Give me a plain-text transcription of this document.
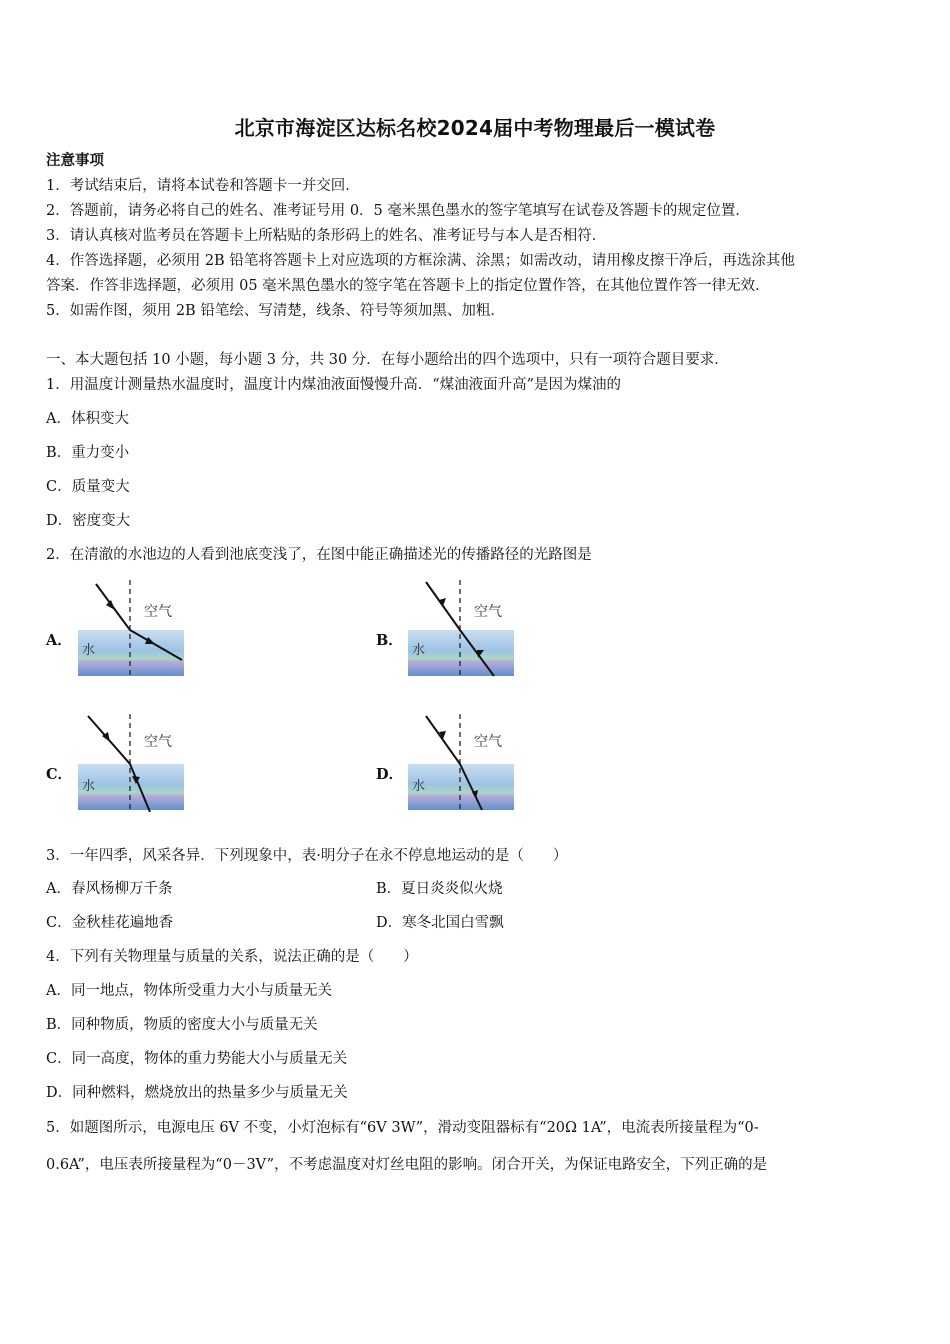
北京市海淀区达标名校2024届中考物理最后一模试卷
注意事项
1．考试结束后，请将本试卷和答题卡一并交回．
2．答题前，请务必将自己的姓名、准考证号用 0．5 毫米黑色墨水的签字笔填写在试卷及答题卡的规定位置．
3．请认真核对监考员在答题卡上所粘贴的条形码上的姓名、准考证号与本人是否相符．
4．作答选择题，必须用 2B 铅笔将答题卡上对应选项的方框涂满、涂黑；如需改动，请用橡皮擦干净后，再选涂其他
答案．作答非选择题，必须用 05 毫米黑色墨水的签字笔在答题卡上的指定位置作答，在其他位置作答一律无效．
5．如需作图，须用 2B 铅笔绘、写清楚，线条、符号等须加黑、加粗．
一、本大题包括 10 小题，每小题 3 分，共 30 分．在每小题给出的四个选项中，只有一项符合题目要求．
1．用温度计测量热水温度时，温度计内煤油液面慢慢升高．“煤油液面升高”是因为煤油的
A．体积变大
B．重力变小
C．质量变大
D．密度变大
2．在清澈的水池边的人看到池底变浅了，在图中能正确描述光的传播路径的光路图是
A．	B．
C．	D．
空气
水
空气
水
空气
水
空气
水
3．一年四季，风采各异．下列现象中，表·明分子在永不停息地运动的是（　　）
A．春风杨柳万千条	B．夏日炎炎似火烧
C．金秋桂花遍地香	D．寒冬北国白雪飘
4．下列有关物理量与质量的关系，说法正确的是（　　）
A．同一地点，物体所受重力大小与质量无关
B．同种物质，物质的密度大小与质量无关
C．同一高度，物体的重力势能大小与质量无关
D．同种燃料，燃烧放出的热量多少与质量无关
5．如题图所示，电源电压 6V 不变，小灯泡标有“6V 3W”，滑动变阻器标有“20Ω 1A”，电流表所接量程为“0-
0.6A”，电压表所接量程为“0－3V”，不考虑温度对灯丝电阻的影响。闭合开关，为保证电路安全，下列正确的是
